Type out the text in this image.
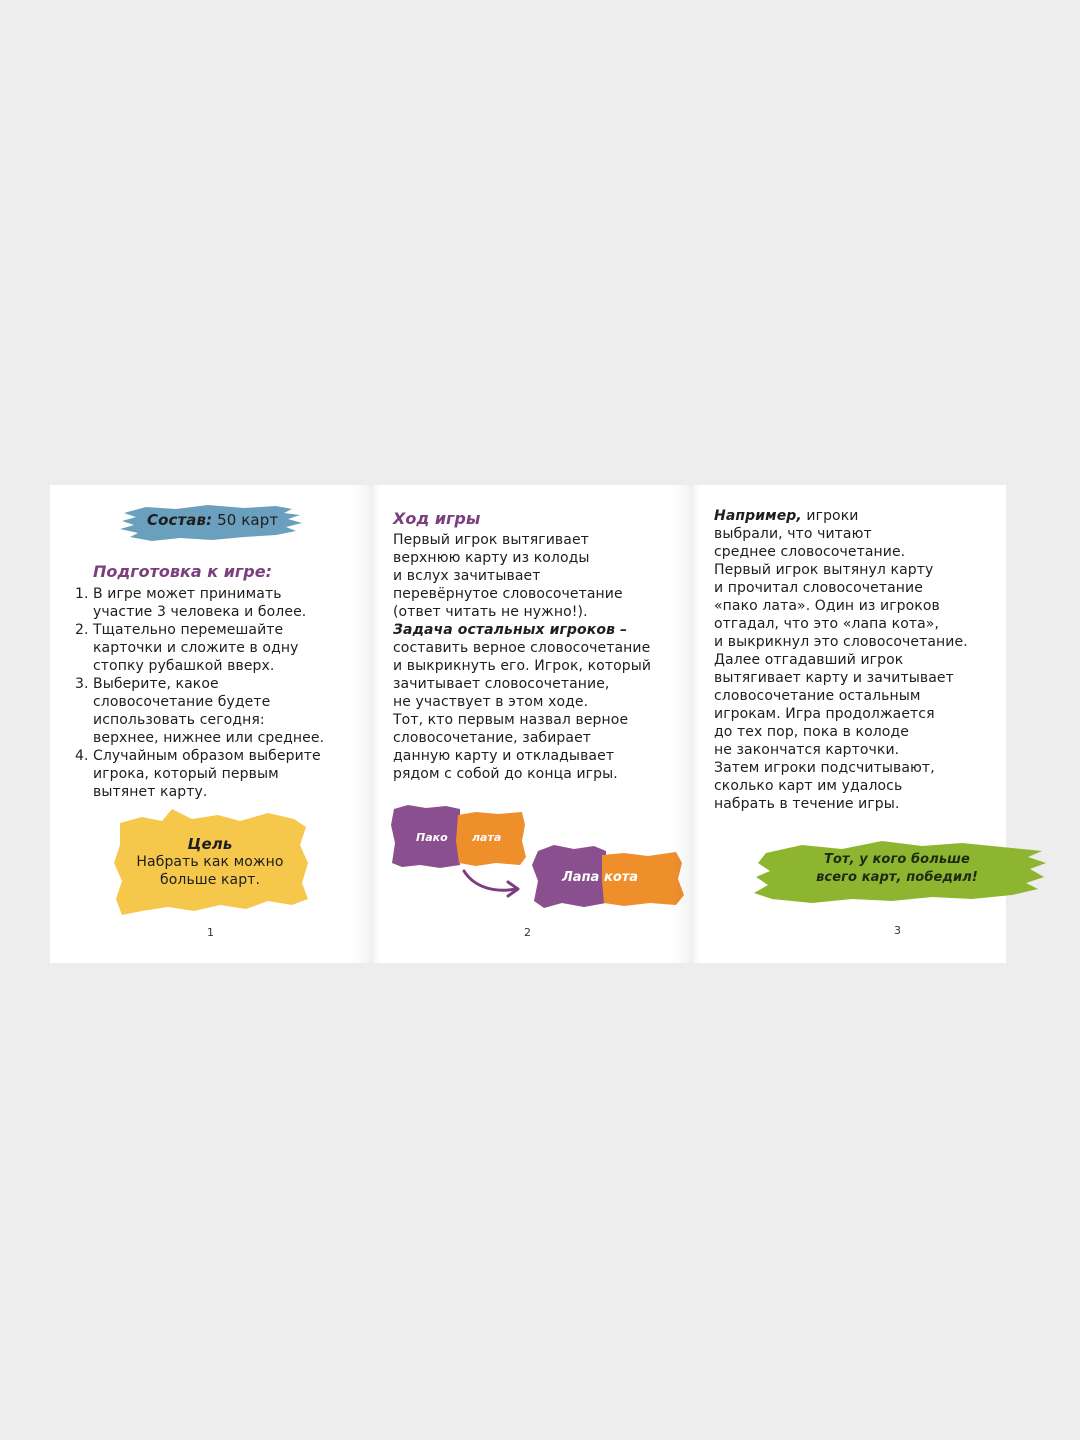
Состав: 50 карт
Подготовка к игре:
1. В игре может принимать
участие 3 человека и более.
2. Тщательно перемешайте
карточки и сложите в одну
стопку рубашкой вверх.
3. Выберите, какое
словосочетание будете
использовать сегодня:
верхнее, нижнее или среднее.
4. Случайным образом выберите
игрока, который первым
вытянет карту.
Цель
Набрать как можно
больше карт.
1
Ход игры
Первый игрок вытягивает
верхнюю карту из колоды
и вслух зачитывает
перевёрнутое словосочетание
(ответ читать не нужно!).
Задача остальных игроков –
составить верное словосочетание
и выкрикнуть его. Игрок, который
зачитывает словосочетание,
не участвует в этом ходе.
Тот, кто первым назвал верное
словосочетание, забирает
данную карту и откладывает
рядом с собой до конца игры.
Пако лата
Лапа кота
2
Например, игроки
выбрали, что читают
среднее словосочетание.
Первый игрок вытянул карту
и прочитал словосочетание
«пако лата». Один из игроков
отгадал, что это «лапа кота»,
и выкрикнул это словосочетание.
Далее отгадавший игрок
вытягивает карту и зачитывает
словосочетание остальным
игрокам. Игра продолжается
до тех пор, пока в колоде
не закончатся карточки.
Затем игроки подсчитывают,
сколько карт им удалось
набрать в течение игры.
Тот, у кого больше
всего карт, победил!
3
